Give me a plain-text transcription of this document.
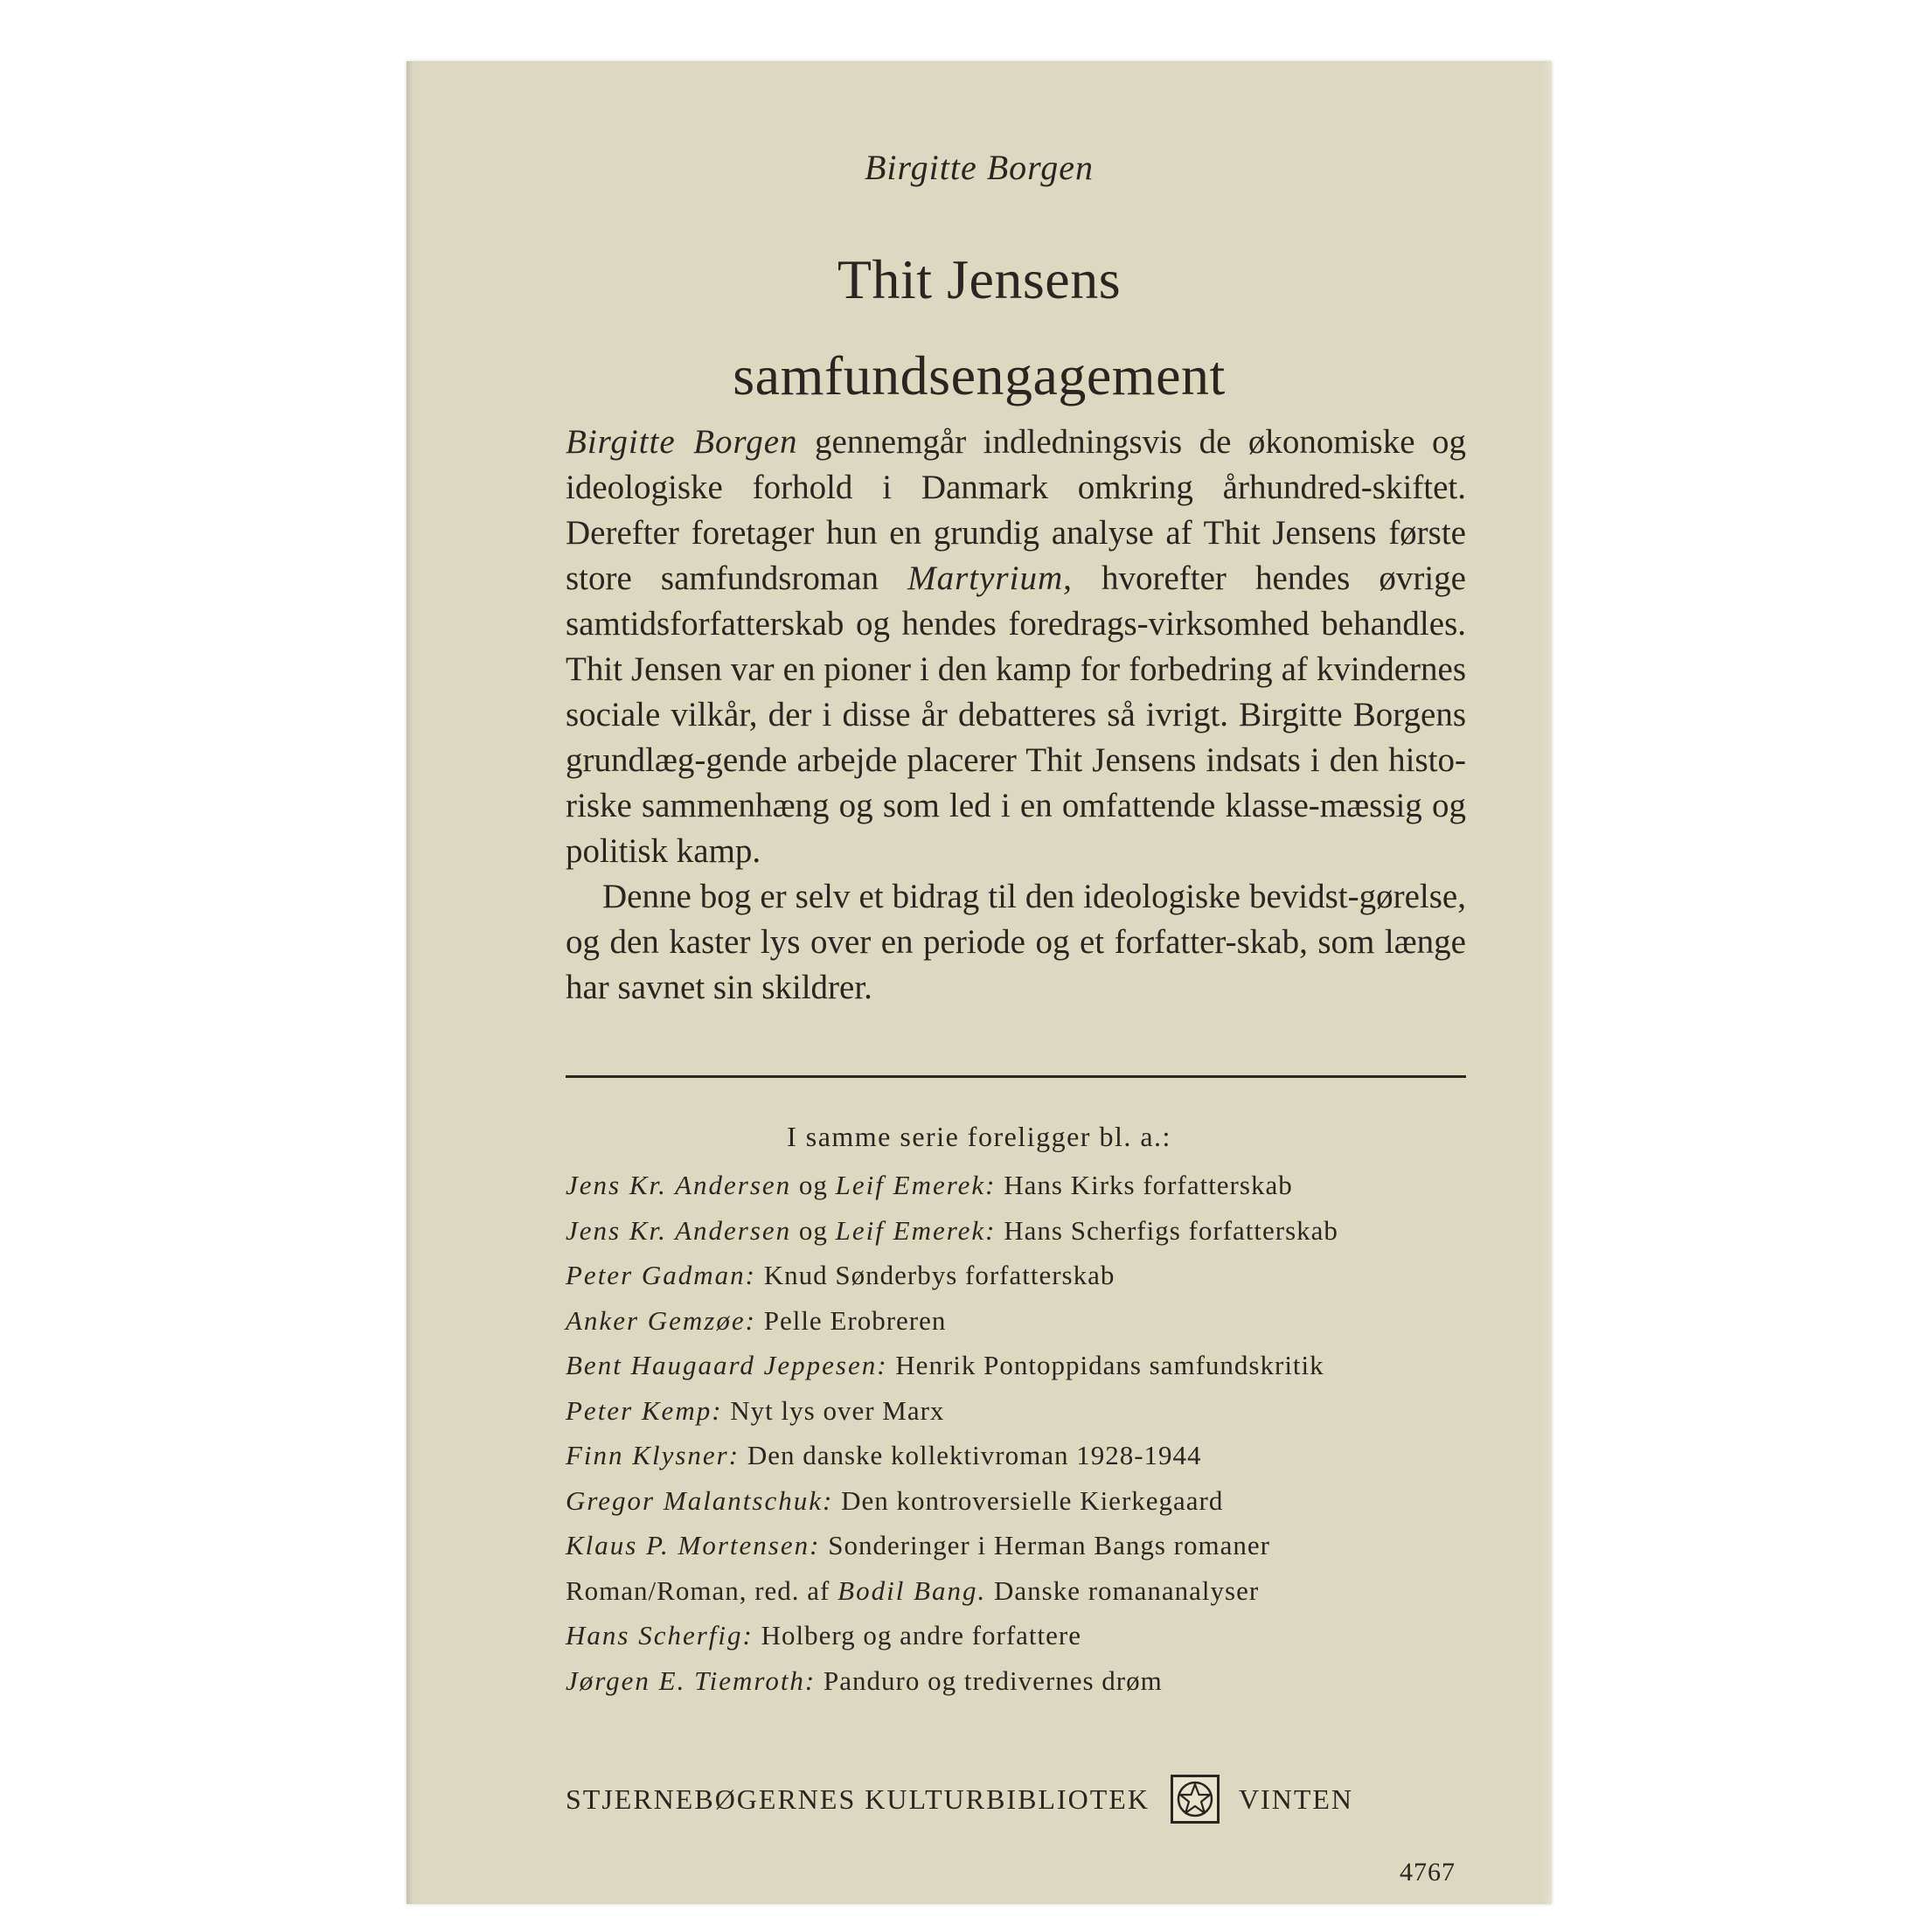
Birgitte Borgen
Thit Jensens
samfundsengagement

Birgitte Borgen gennemgår indledningsvis de økonomiske og ideologiske forhold i Danmark omkring århundred-skiftet. Derefter foretager hun en grundig analyse af Thit Jensens første store samfundsroman Martyrium, hvorefter hendes øvrige samtidsforfatterskab og hendes foredrags-virksomhed behandles. Thit Jensen var en pioner i den kamp for forbedring af kvindernes sociale vilkår, der i disse år debatteres så ivrigt. Birgitte Borgens grundlæg-gende arbejde placerer Thit Jensens indsats i den histo-riske sammenhæng og som led i en omfattende klasse-mæssig og politisk kamp.

Denne bog er selv et bidrag til den ideologiske bevidst-gørelse, og den kaster lys over en periode og et forfatter-skab, som længe har savnet sin skildrer.

I samme serie foreligger bl. a.:
Jens Kr. Andersen og Leif Emerek: Hans Kirks forfatterskab
Jens Kr. Andersen og Leif Emerek: Hans Scherfigs forfatterskab
Peter Gadman: Knud Sønderbys forfatterskab
Anker Gemzøe: Pelle Erobreren
Bent Haugaard Jeppesen: Henrik Pontoppidans samfundskritik
Peter Kemp: Nyt lys over Marx
Finn Klysner: Den danske kollektivroman 1928-1944
Gregor Malantschuk: Den kontroversielle Kierkegaard
Klaus P. Mortensen: Sonderinger i Herman Bangs romaner
Roman/Roman, red. af Bodil Bang. Danske romananalyser
Hans Scherfig: Holberg og andre forfattere
Jørgen E. Tiemroth: Panduro og tredivernes drøm
STJERNEBØGERNES KULTURBIBLIOTEK	VINTEN
4767
